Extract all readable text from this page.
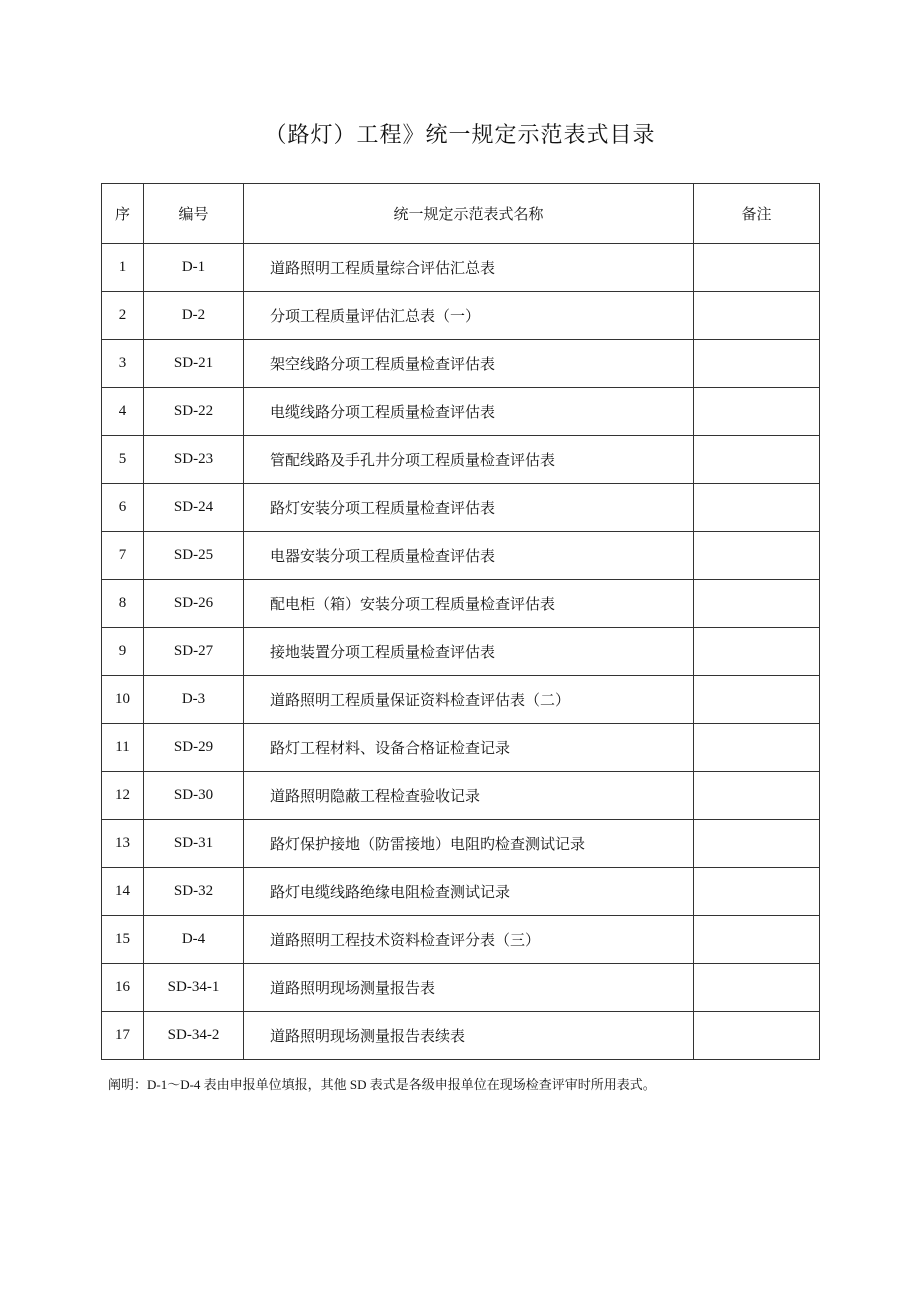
（路灯）工程》统一规定示范表式目录
序	编号	统一规定示范表式名称	备注
1	D-1	道路照明工程质量综合评估汇总表	
2	D-2	分项工程质量评估汇总表（一）	
3	SD-21	架空线路分项工程质量检查评估表	
4	SD-22	电缆线路分项工程质量检查评估表	
5	SD-23	管配线路及手孔井分项工程质量检查评估表	
6	SD-24	路灯安装分项工程质量检查评估表	
7	SD-25	电器安装分项工程质量检查评估表	
8	SD-26	配电柜（箱）安装分项工程质量检查评估表	
9	SD-27	接地装置分项工程质量检查评估表	
10	D-3	道路照明工程质量保证资料检查评估表（二）	
11	SD-29	路灯工程材料、设备合格证检查记录	
12	SD-30	道路照明隐蔽工程检查验收记录	
13	SD-31	路灯保护接地（防雷接地）电阻旳检查测试记录	
14	SD-32	路灯电缆线路绝缘电阻检查测试记录	
15	D-4	道路照明工程技术资料检查评分表（三）	
16	SD-34-1	道路照明现场测量报告表	
17	SD-34-2	道路照明现场测量报告表续表	
阐明：D-1～D-4 表由申报单位填报，其他 SD 表式是各级申报单位在现场检查评审时所用表式。
